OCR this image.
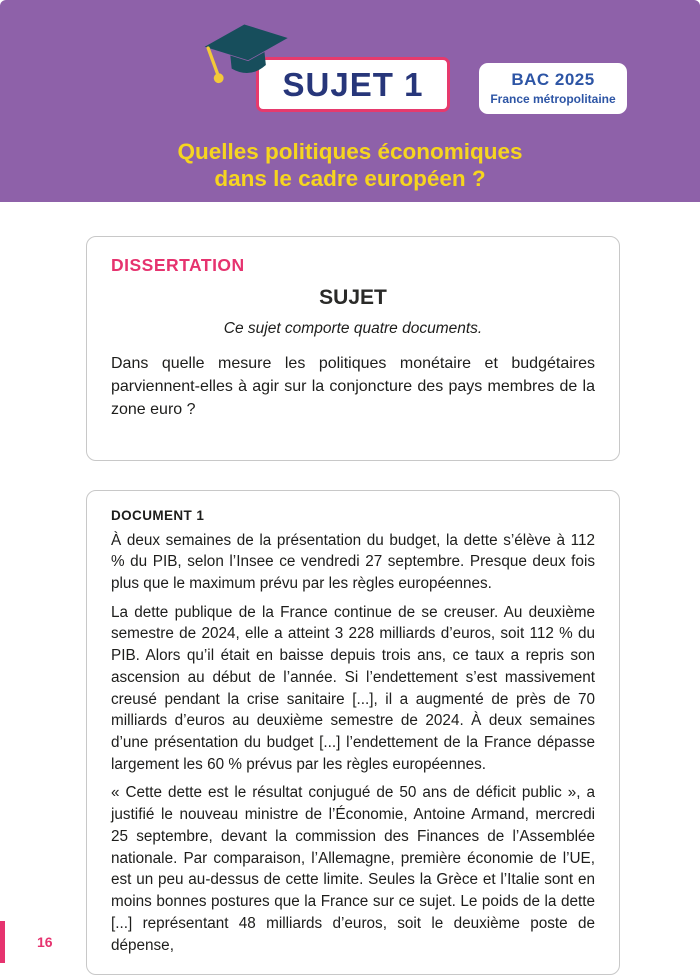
SUJET 1	BAC 2025
France métropolitaine
Quelles politiques économiques
dans le cadre européen ?
DISSERTATION
SUJET
Ce sujet comporte quatre documents.

Dans quelle mesure les politiques monétaire et budgétaires parviennent-elles à agir sur la conjoncture des pays membres de la zone euro ?

DOCUMENT 1

À deux semaines de la présentation du budget, la dette s’élève à 112 % du PIB, selon l’Insee ce vendredi 27 septembre. Presque deux fois plus que le maximum prévu par les règles européennes.

La dette publique de la France continue de se creuser. Au deuxième semestre de 2024, elle a atteint 3 228 milliards d’euros, soit 112 % du PIB. Alors qu’il était en baisse depuis trois ans, ce taux a repris son ascension au début de l’année. Si l’endettement s’est massivement creusé pendant la crise sanitaire [...], il a augmenté de près de 70 milliards d’euros au deuxième semestre de 2024. À deux semaines d’une présentation du budget [...] l’endettement de la France dépasse largement les 60 % prévus par les règles européennes.

« Cette dette est le résultat conjugué de 50 ans de déficit public », a justifié le nouveau ministre de l’Économie, Antoine Armand, mercredi 25 septembre, devant la commission des Finances de l’Assemblée nationale. Par comparaison, l’Allemagne, première économie de l’UE, est un peu au-dessus de cette limite. Seules la Grèce et l’Italie sont en moins bonnes postures que la France sur ce sujet. Le poids de la dette [...] représentant 48 milliards d’euros, soit le deuxième poste de dépense,

16
